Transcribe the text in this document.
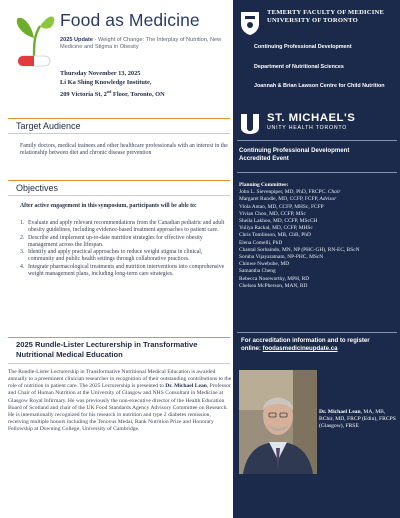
Food as Medicine
2025 Update - Weight of Change: The Interplay of Nutrition, New Medicine and Stigma in Obesity
Thursday November 13, 2025
Li Ka Shing Knowledge Institute,
209 Victoria St, 2nd Floor, Toronto, ON
Target Audience
Family doctors, medical trainees and other healthcare professionals with an interest in the relationship between diet and chronic disease prevention
Objectives
After active engagement in this symposium, participants will be able to:
1. Evaluate and apply relevant recommendations from the Canadian pediatric and adult obesity guidelines, including evidence-based treatment approaches to patient care.
2. Describe and implement up-to-date nutrition strategies for effective obesity management across the lifespan.
3. Identify and apply practical approaches to reduce weight stigma in clinical, community and public health settings through collaborative practices.
4. Integrate pharmacological treatments and nutrition interventions into comprehensive weight management plans, including long-term care strategies.
2025 Rundle-Lister Lecturership in Transformative Nutritional Medical Education
The Rundle-Lister Lecturership in Transformative Nutritional Medical Education is awarded annually to a preeminent clinician researcher in recognition of their outstanding contributions to the role of nutrition in patient care. The 2025 Lecturership is presented to Dr. Michael Lean, Professor and Chair of Human Nutrition at the University of Glasgow and NHS Consultant in Medicine at Glasgow Royal Infirmary. He was previously the non-executive director of the Health Education Board of Scotland and chair of the UK Food Standards Agency Advisory Committee on Research. He is internationally recognized for his research in nutrition and type 2 diabetes remission, receiving multiple honors including the Tenovus Medal, Rank Nutrition Prize and Honorary Fellowship at Downing College, University of Cambridge.
TEMERTY FACULTY OF MEDICINE
UNIVERSITY OF TORONTO
Continuing Professional Development
Department of Nutritional Sciences
Joannah & Brian Lawson Centre for Child Nutrition
ST. MICHAEL'S
UNITY HEALTH TORONTO
Continuing Professional Development
Accredited Event
Planning Committee:
John L. Sievenpiper, MD, PhD, FRCPC. Chair
Margaret Rundle, MD, CCFP, FCFP, Advisor
Viola Antao, MD, CCFP, MHSc, FCFP
Vivian Choo, MD, CCFP, MSc
Sheila Lakhoo, MD, CCFP, MScCH
Yuliya Rackal, MD, CCFP, MHSc
Chris Tomlinson, MB, ChB, PhD
Elena Comelli, PhD
Chantal Sorhaindo, MN, NP (PHC-GH), RN-EC, BScN
Soruba Vijayaratnam, NP-PHC, MScN
Chinwe Nwebube, MD
Samantha Cheng
Rebecca Noseworthy, MPH, RD
Chelsea McPherson, MAN, RD
For accreditation information and to register
online: foodasmedicineupdate.ca
Dr. Michael Lean, MA, MB, BChir, MD, FRCP (Edin), FRCPS (Glasgow), FRSE
